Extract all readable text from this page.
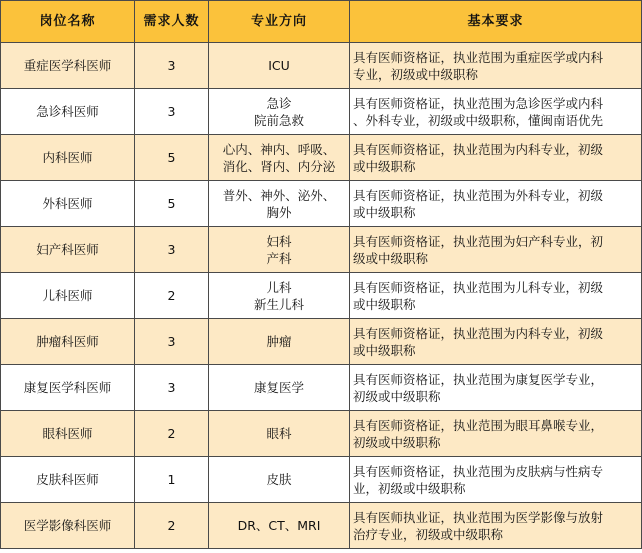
岗位名称	需求人数	专业方向	基本要求
重症医学科医师	3	ICU	具有医师资格证，执业范围为重症医学或内科
专业，初级或中级职称

急诊科医师	3	急诊
院前急救	具有医师资格证，执业范围为急诊医学或内科
、外科专业，初级或中级职称，懂闽南语优先

内科医师	5	心内、神内、呼吸、
消化、肾内、内分泌	具有医师资格证，执业范围为内科专业，初级
或中级职称

外科医师	5	普外、神外、泌外、
胸外	具有医师资格证，执业范围为外科专业，初级
或中级职称

妇产科医师	3	妇科
产科	具有医师资格证，执业范围为妇产科专业，初
级或中级职称

儿科医师	2	儿科
新生儿科	具有医师资格证，执业范围为儿科专业，初级
或中级职称

肿瘤科医师	3	肿瘤	具有医师资格证，执业范围为内科专业，初级
或中级职称

康复医学科医师	3	康复医学	具有医师资格证，执业范围为康复医学专业，
初级或中级职称

眼科医师	2	眼科	具有医师资格证，执业范围为眼耳鼻喉专业，
初级或中级职称

皮肤科医师	1	皮肤	具有医师资格证，执业范围为皮肤病与性病专
业，初级或中级职称

医学影像科医师	2	DR、CT、MRI	具有医师执业证，执业范围为医学影像与放射
治疗专业，初级或中级职称
